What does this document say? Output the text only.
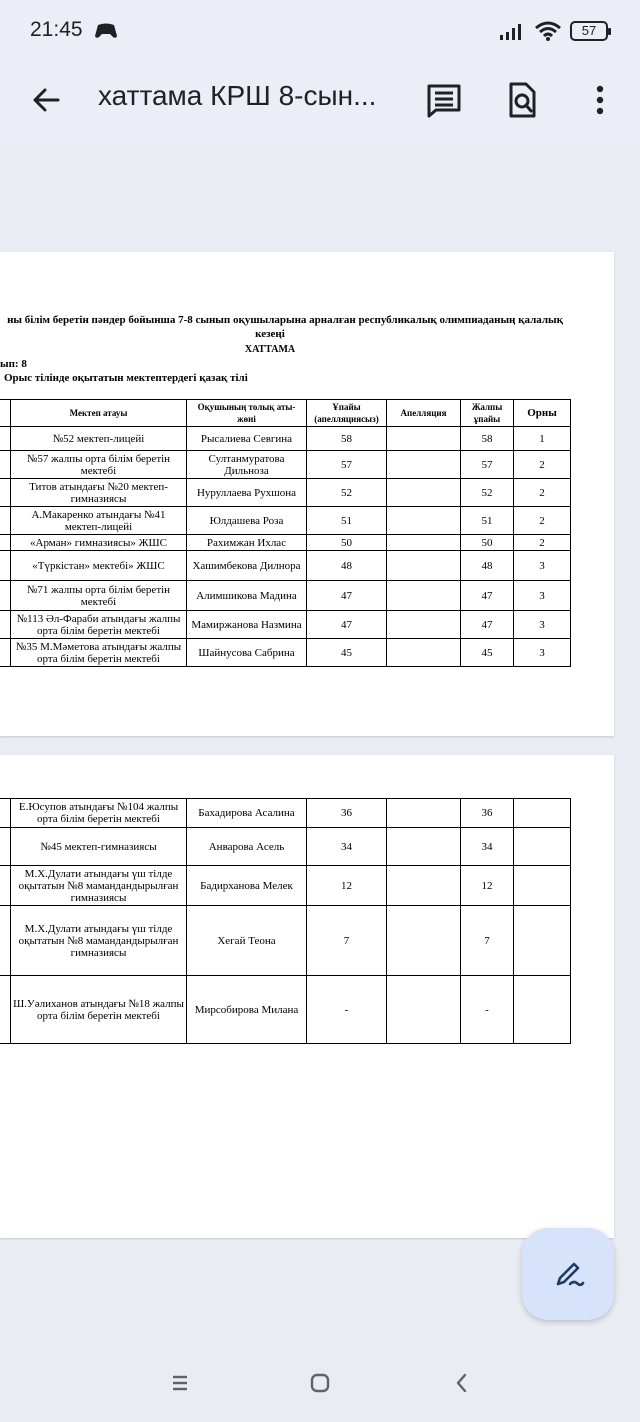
21:45	57
хаттама КРШ 8-сын...
ны білім беретін пәндер бойынша 7-8 сынып оқушыларына арналған республикалық олимпиаданың қалалық
кезеңі
ХАТТАМА
ып: 8
Орыс тілінде оқытатын мектептердегі қазақ тілі
	Мектеп атауы	Оқушының толық аты-жөні	Ұпайы (апелляцияcыз)	Апелляция	Жалпы ұпайы	Орны
	№52 мектеп-лицейі	Рысалиева Севгина	58		58	1
	№57 жалпы орта білім беретін мектебі	Султанмуратова Дильноза	57		57	2
	Титов атындағы №20 мектеп-гимназиясы	Нуруллаева Рухшона	52		52	2
	А.Макаренко атындағы №41 мектеп-лицейі	Юлдашева Роза	51		51	2
	«Арман» гимназиясы» ЖШС	Рахимжан Ихлас	50		50	2
	«Түркістан» мектебі» ЖШС	Хашимбекова Дилнора	48		48	3
	№71 жалпы орта білім беретін мектебі	Алимшикова Мадина	47		47	3
	№113 Әл-Фараби атындағы жалпы орта білім беретін мектебі	Мамиржанова Назмина	47		47	3
	№35 М.Мәметова атындағы жалпы орта білім беретін мектебі	Шайнусова Сабрина	45		45	3
	Е.Юсупов атындағы №104 жалпы орта білім беретін мектебі	Бахадирова Асалина	36		36	
	№45 мектеп-гимназиясы	Анварова Асель	34		34	
	М.Х.Дулати атындағы үш тілде оқытатын №8 мамандандырылған гимназиясы	Бадирханова Мелек	12		12	
	М.Х.Дулати атындағы үш тілде оқытатын №8 мамандандырылған гимназиясы	Хегай Теона	7		7	
	Ш.Уәлиханов атындағы №18 жалпы орта білім беретін мектебі	Мирсобирова Милана	-		-	
